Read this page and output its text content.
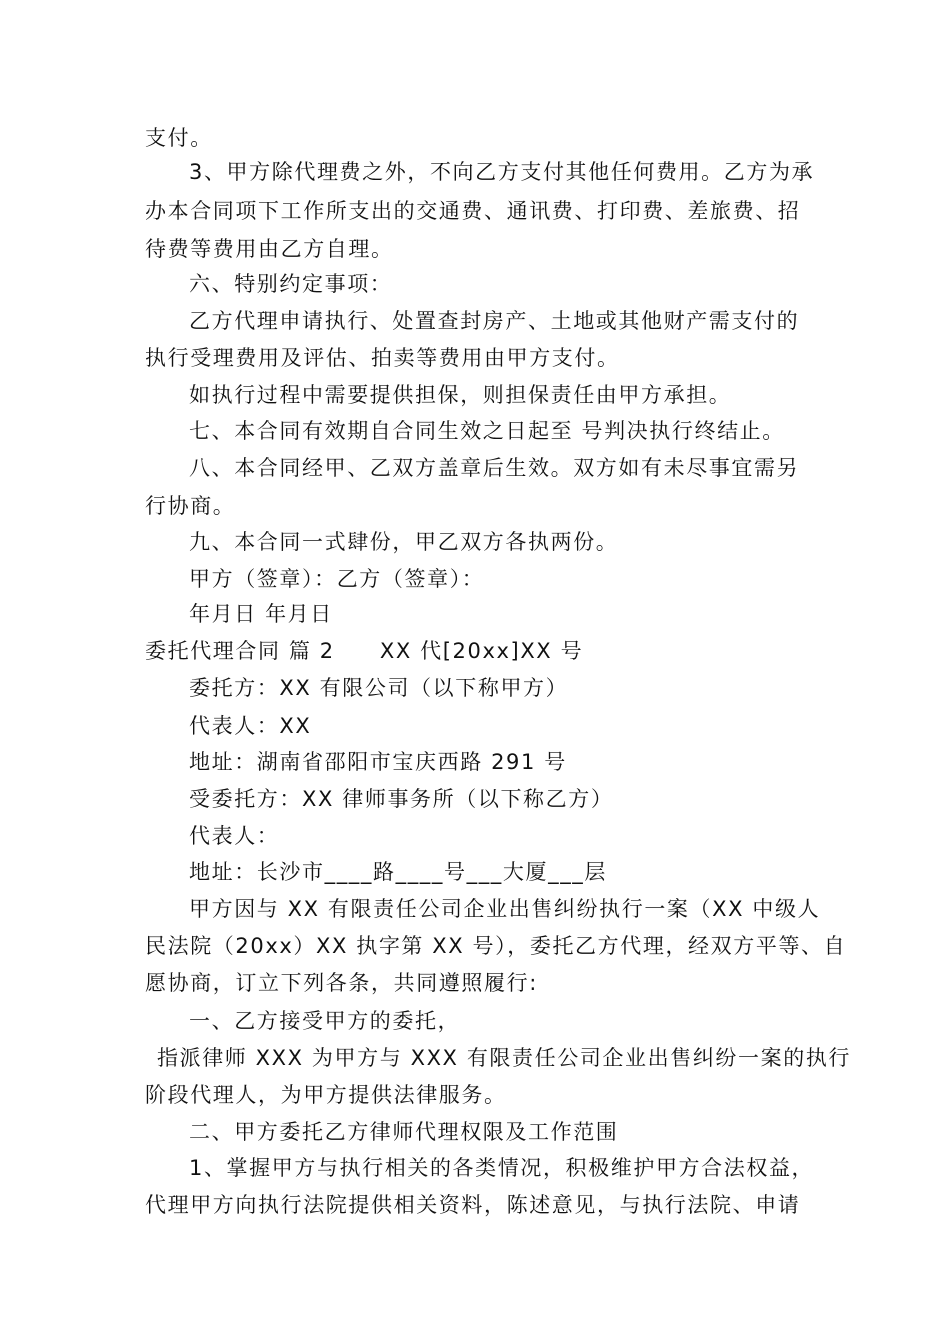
支付。
3、甲方除代理费之外，不向乙方支付其他任何费用。乙方为承
办本合同项下工作所支出的交通费、通讯费、打印费、差旅费、招
待费等费用由乙方自理。
六、特别约定事项：
乙方代理申请执行、处置查封房产、土地或其他财产需支付的
执行受理费用及评估、拍卖等费用由甲方支付。
如执行过程中需要提供担保，则担保责任由甲方承担。
七、本合同有效期自合同生效之日起至 号判决执行终结止。
八、本合同经甲、乙双方盖章后生效。双方如有未尽事宜需另
行协商。
九、本合同一式肆份，甲乙双方各执两份。
甲方（签章）：乙方（签章）：
年月日 年月日
委托代理合同 篇 2　　XX 代[20xx]XX 号
委托方：XX 有限公司（以下称甲方）
代表人：XX
地址：湖南省邵阳市宝庆西路 291 号
受委托方：XX 律师事务所（以下称乙方）
代表人：
地址：长沙市____路____号___大厦___层
甲方因与 XX 有限责任公司企业出售纠纷执行一案（XX 中级人
民法院（20xx）XX 执字第 XX 号），委托乙方代理，经双方平等、自
愿协商，订立下列各条，共同遵照履行:
一、乙方接受甲方的委托，
指派律师 XXX 为甲方与 XXX 有限责任公司企业出售纠纷一案的执行
阶段代理人，为甲方提供法律服务。
二、甲方委托乙方律师代理权限及工作范围
1、掌握甲方与执行相关的各类情况，积极维护甲方合法权益，
代理甲方向执行法院提供相关资料，陈述意见，与执行法院、申请
